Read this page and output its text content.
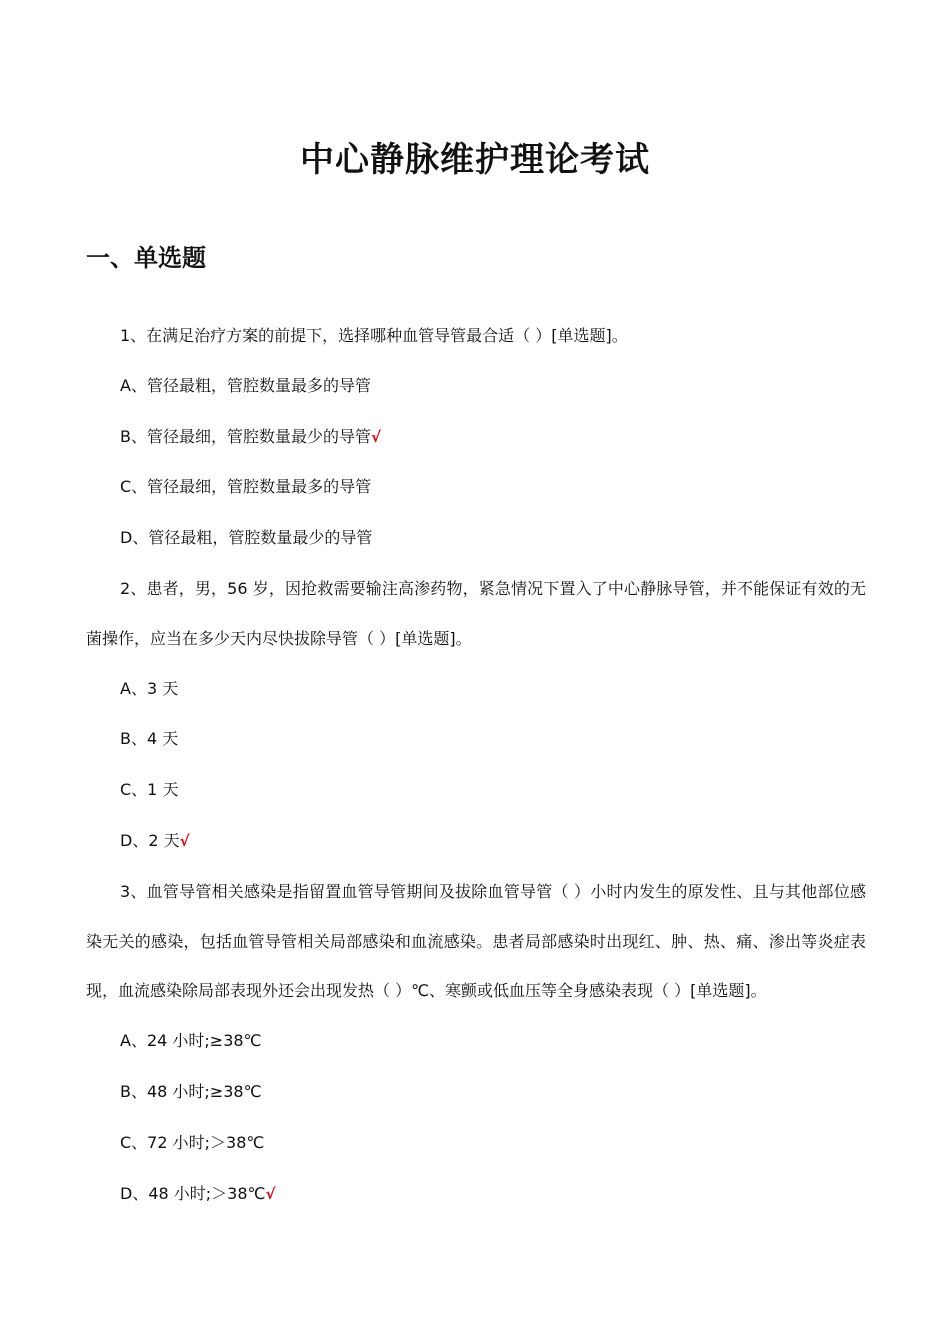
中心静脉维护理论考试
一、单选题

1、在满足治疗方案的前提下，选择哪种血管导管最合适（ ）[单选题]。

A、管径最粗，管腔数量最多的导管

B、管径最细，管腔数量最少的导管√

C、管径最细，管腔数量最多的导管

D、管径最粗，管腔数量最少的导管

2、患者，男，56 岁，因抢救需要输注高渗药物，紧急情况下置入了中心静脉导管，并不能保证有效的无菌操作，应当在多少天内尽快拔除导管（ ）[单选题]。

A、3 天

B、4 天

C、1 天

D、2 天√

3、血管导管相关感染是指留置血管导管期间及拔除血管导管（ ）小时内发生的原发性、且与其他部位感染无关的感染，包括血管导管相关局部感染和血流感染。患者局部感染时出现红、肿、热、痛、渗出等炎症表现，血流感染除局部表现外还会出现发热（ ）℃、寒颤或低血压等全身感染表现（ ）[单选题]。

A、24 小时;≥38℃

B、48 小时;≥38℃

C、72 小时;＞38℃

D、48 小时;＞38℃√
